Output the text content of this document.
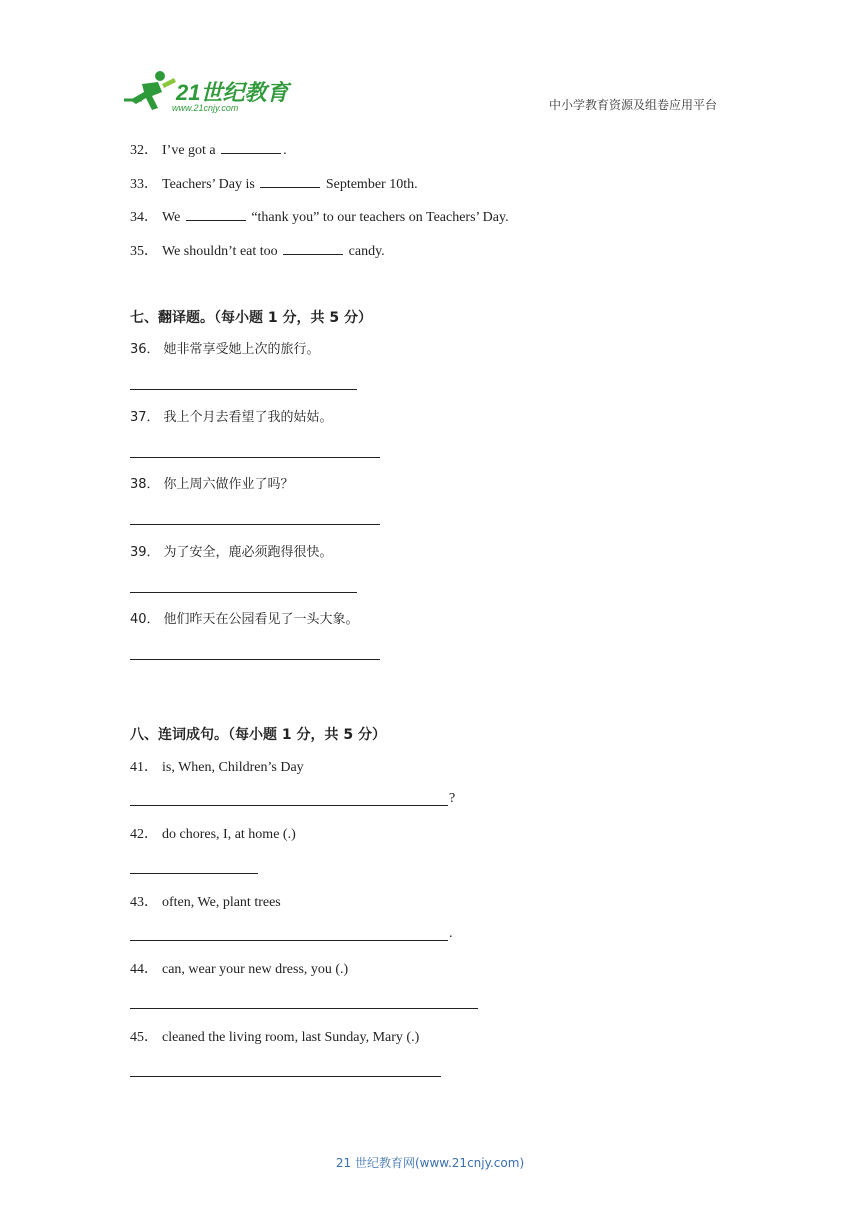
21世纪教育
www.21cnjy.com	中小学教育资源及组卷应用平台
32． I’ve got a	.
33． Teachers’ Day is	September 10th.
34． We	“thank you” to our teachers on Teachers’ Day.
35． We shouldn’t eat too	candy.
七、翻译题。（每小题 1 分，共 5 分）
36． 她非常享受她上次的旅行。
37． 我上个月去看望了我的姑姑。
38． 你上周六做作业了吗？
39． 为了安全，鹿必须跑得很快。
40． 他们昨天在公园看见了一头大象。
八、连词成句。（每小题 1 分，共 5 分）
41． is, When, Children’s Day
?
42． do chores, I, at home (.)
43． often, We, plant trees
.
44． can, wear your new dress, you (.)
45． cleaned the living room, last Sunday, Mary (.)
21 世纪教育网(www.21cnjy.com)
